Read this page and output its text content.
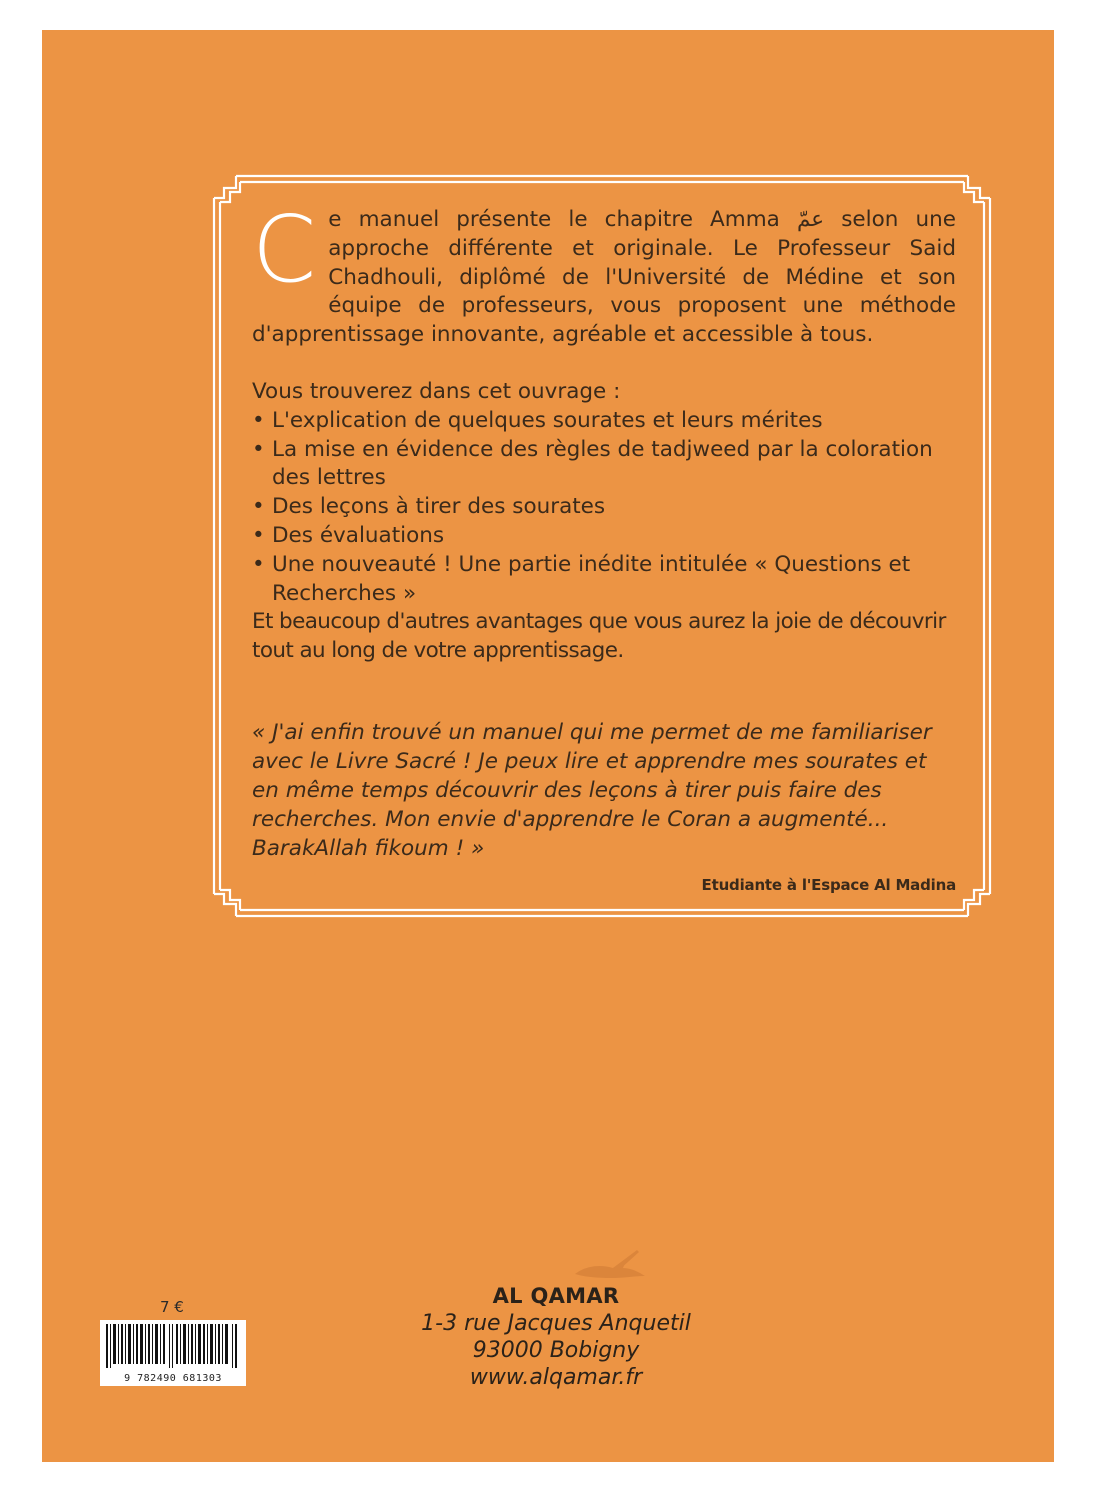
C e manuel présente le chapitre Amma عمّ selon une approche différente et originale. Le Professeur Said Chadhouli, diplômé de l'Université de Médine et son équipe de professeurs, vous proposent une méthode d'apprentissage innovante, agréable et accessible à tous.

Vous trouverez dans cet ouvrage :

• L'explication de quelques sourates et leurs mérites
• La mise en évidence des règles de tadjweed par la coloration des lettres
• Des leçons à tirer des sourates
• Des évaluations
• Une nouveauté ! Une partie inédite intitulée « Questions et Recherches »

Et beaucoup d'autres avantages que vous aurez la joie de découvrir tout au long de votre apprentissage.

« J'ai enfin trouvé un manuel qui me permet de me familiariser avec le Livre Sacré ! Je peux lire et apprendre mes sourates et en même temps découvrir des leçons à tirer puis faire des recherches. Mon envie d'apprendre le Coran a augmenté... BarakAllah fikoum ! »

Etudiante à l'Espace Al Madina
7 €
9 782490 681303
AL QAMAR
1-3 rue Jacques Anquetil
93000 Bobigny
www.alqamar.fr
